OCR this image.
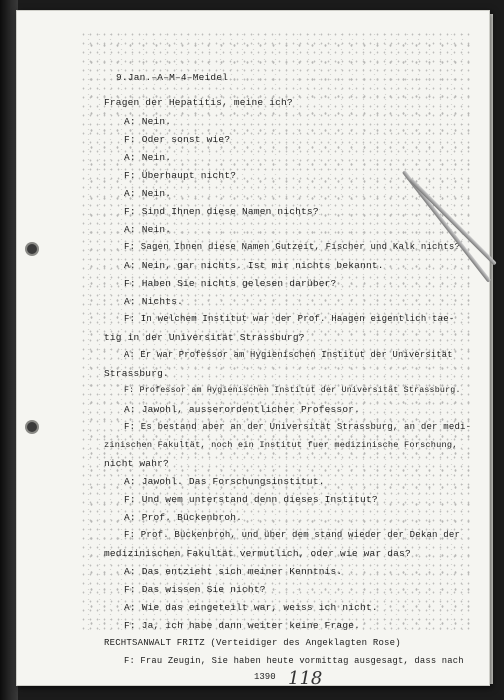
9.Jan.–A–M–4–Meidel
Fragen der Hepatitis, meine ich?
A: Nein.
F: Oder sonst wie?
A: Nein.
F: Überhaupt nicht?
A: Nein.
F: Sind Ihnen diese Namen nichts?
A: Nein.
F: Sagen Ihnen diese Namen Gutzeit, Fischer und Kalk nichts?
A: Nein, gar nichts. Ist mir nichts bekannt.
F: Haben Sie nichts gelesen darüber?
A: Nichts.
F: In welchem Institut war der Prof. Haagen eigentlich tae-
tig in der Universität Strassburg?
A: Er war Professor am Hygienischen Institut der Universität
Strassburg.
F: Professor am Hygienischen Institut der Universität Strassburg.
A: Jawohl, ausserordentlicher Professor.
F: Es bestand aber an der Universität Strassburg, an der medi-
zinischen Fakultät, noch ein Institut fuer medizinische Forschung,
nicht wahr?
A: Jawohl. Das Forschungsinstitut.
F: Und wem unterstand denn dieses Institut?
A: Prof. Bückenbroh.
F: Prof. Bückenbroh, und über dem stand wieder der Dekan der
medizinischen Fakultät vermutlich, oder wie war das?
A: Das entzieht sich meiner Kenntnis.
F: Das wissen Sie nicht?
A: Wie das eingeteilt war, weiss ich nicht.
F: Ja, ich habe dann weiter keine Frage.
RECHTSANWALT FRITZ (Verteidiger des Angeklagten Rose)
F: Frau Zeugin, Sie haben heute vormittag ausgesagt, dass nach
1390 118
